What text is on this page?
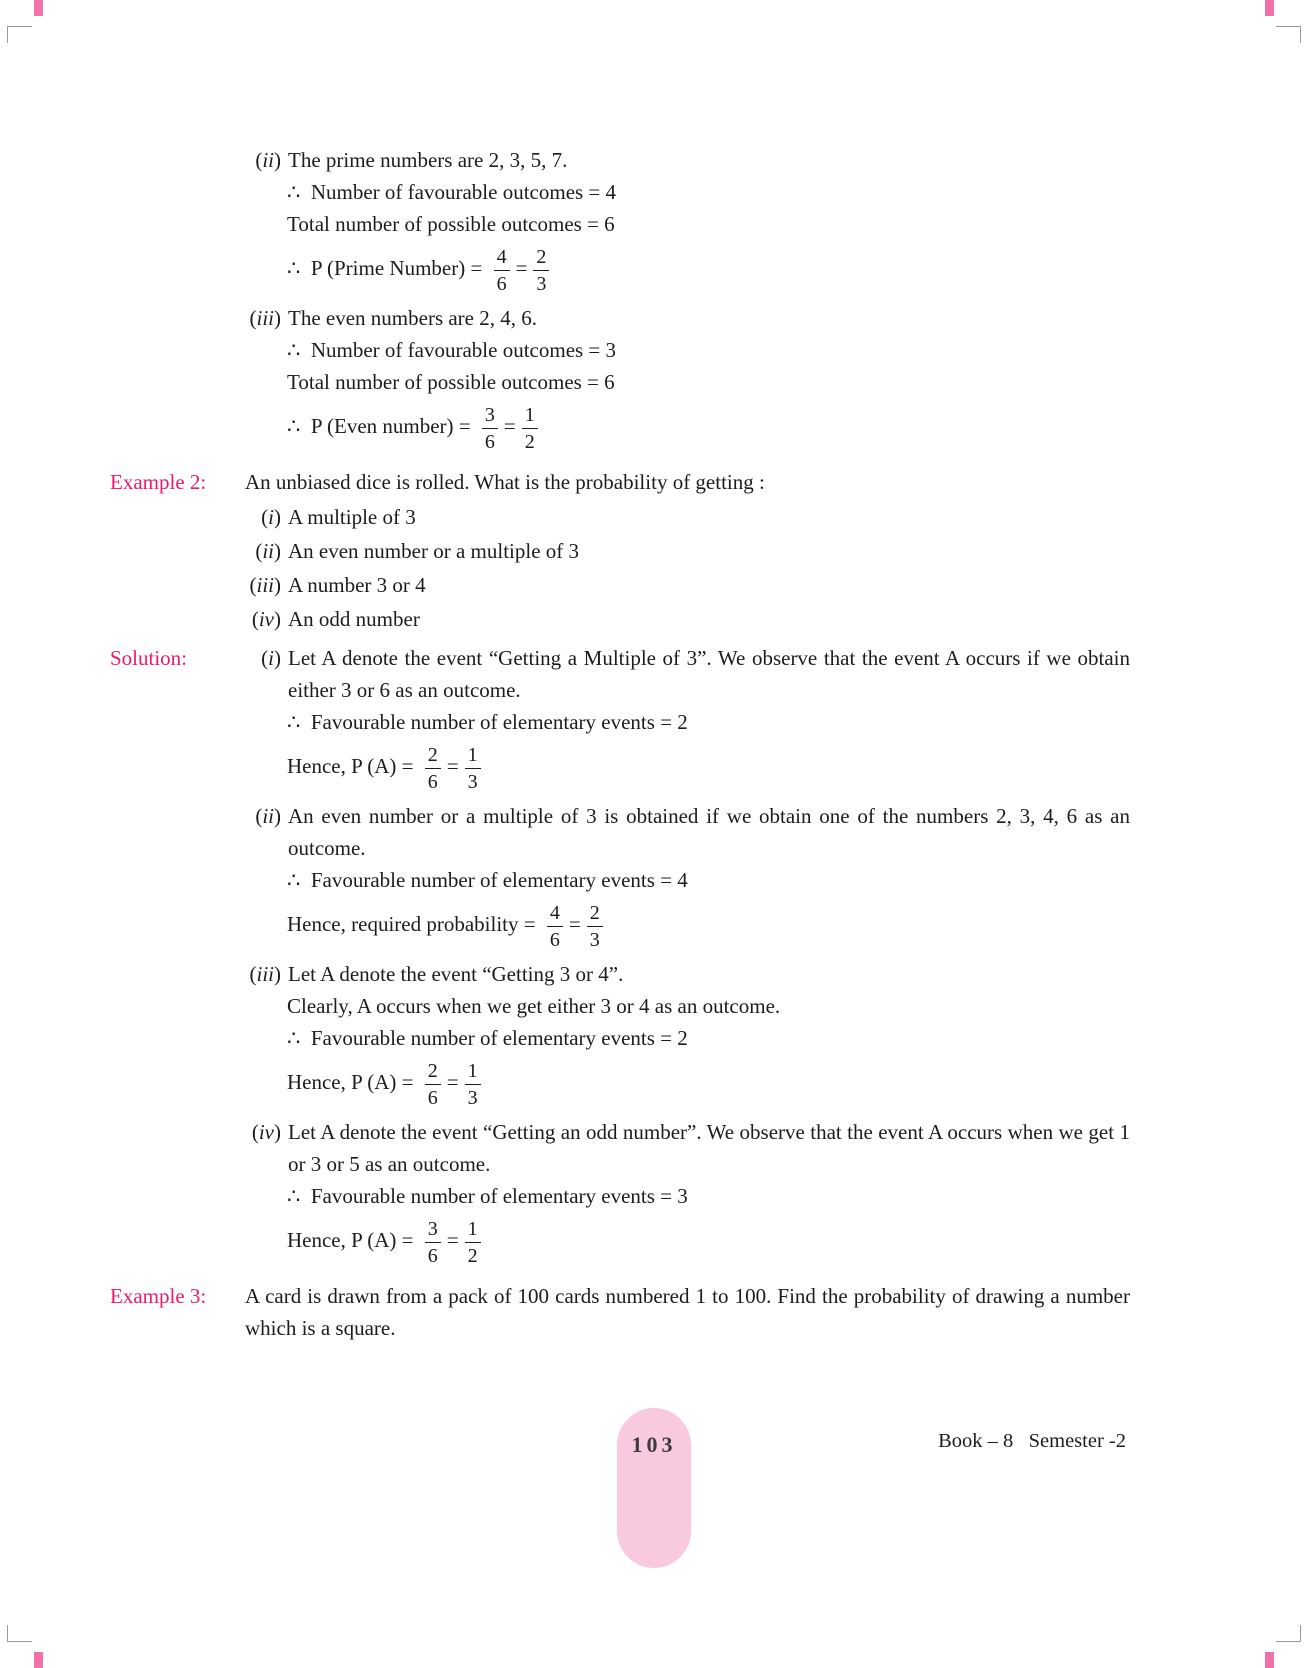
(ii) The prime numbers are 2, 3, 5, 7.
∴ Number of favourable outcomes = 4
Total number of possible outcomes = 6
∴ P (Prime Number) = $\frac{4}{6} = \frac{2}{3}$
(iii) The even numbers are 2, 4, 6.
∴ Number of favourable outcomes = 3
Total number of possible outcomes = 6
∴ P (Even number) = $\frac{3}{6} = \frac{1}{2}$
Example 2: An unbiased dice is rolled. What is the probability of getting :
(i) A multiple of 3
(ii) An even number or a multiple of 3
(iii) A number 3 or 4
(iv) An odd number
Solution:	(i) Let A denote the event “Getting a Multiple of 3”. We observe that the event A occurs if we obtain either 3 or 6 as an outcome.
∴ Favourable number of elementary events = 2
Hence, P $(A) = \frac{2}{6} = \frac{1}{3}$
(ii) An even number or a multiple of 3 is obtained if we obtain one of the numbers 2, 3, 4, 6 as an outcome.
∴ Favourable number of elementary events = 4
Hence, required probability = $\frac{4}{6} = \frac{2}{3}$
(iii) Let A denote the event “Getting 3 or 4”.
Clearly, A occurs when we get either 3 or 4 as an outcome.
∴ Favourable number of elementary events = 2
Hence, P $(A) = \frac{2}{6} = \frac{1}{3}$
(iv) Let A denote the event “Getting an odd number”. We observe that the event A occurs when we get 1 or 3 or 5 as an outcome.
∴ Favourable number of elementary events = 3
Hence, P $(A) = \frac{3}{6} = \frac{1}{2}$
Example 3: A card is drawn from a pack of 100 cards numbered 1 to 100. Find the probability of drawing a number which is a square.
103	Book – 8   Semester -2
